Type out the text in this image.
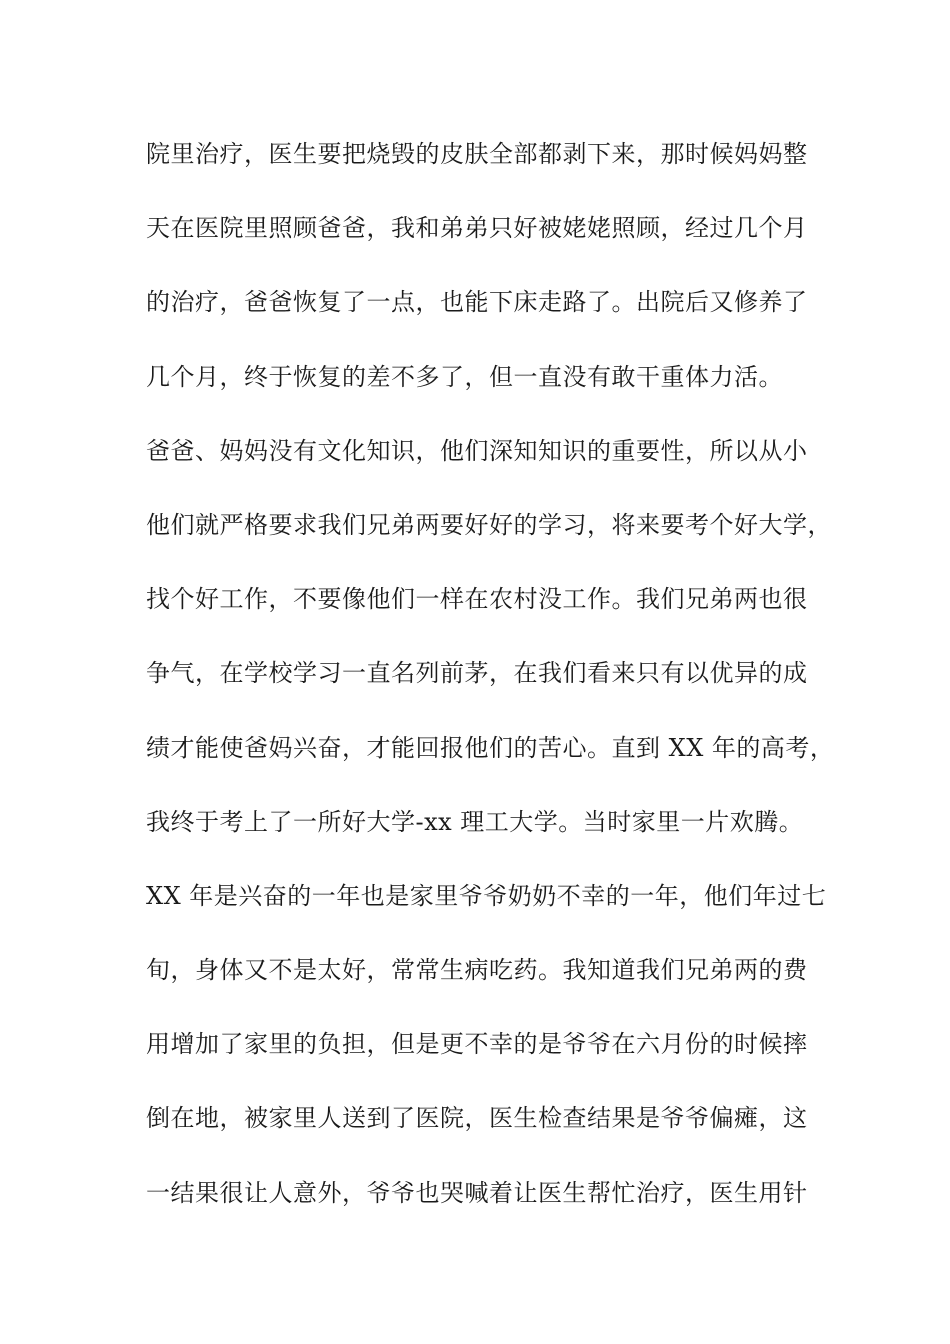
院里治疗，医生要把烧毁的皮肤全部都剥下来，那时候妈妈整
天在医院里照顾爸爸，我和弟弟只好被姥姥照顾，经过几个月
的治疗，爸爸恢复了一点，也能下床走路了。出院后又修养了
几个月，终于恢复的差不多了，但一直没有敢干重体力活。
爸爸、妈妈没有文化知识，他们深知知识的重要性，所以从小
他们就严格要求我们兄弟两要好好的学习，将来要考个好大学，
找个好工作，不要像他们一样在农村没工作。我们兄弟两也很
争气，在学校学习一直名列前茅，在我们看来只有以优异的成
绩才能使爸妈兴奋，才能回报他们的苦心。直到 XX 年的高考，
我终于考上了一所好大学-xx 理工大学。当时家里一片欢腾。
XX 年是兴奋的一年也是家里爷爷奶奶不幸的一年，他们年过七
旬，身体又不是太好，常常生病吃药。我知道我们兄弟两的费
用增加了家里的负担，但是更不幸的是爷爷在六月份的时候摔
倒在地，被家里人送到了医院，医生检查结果是爷爷偏瘫，这
一结果很让人意外，爷爷也哭喊着让医生帮忙治疗，医生用针
